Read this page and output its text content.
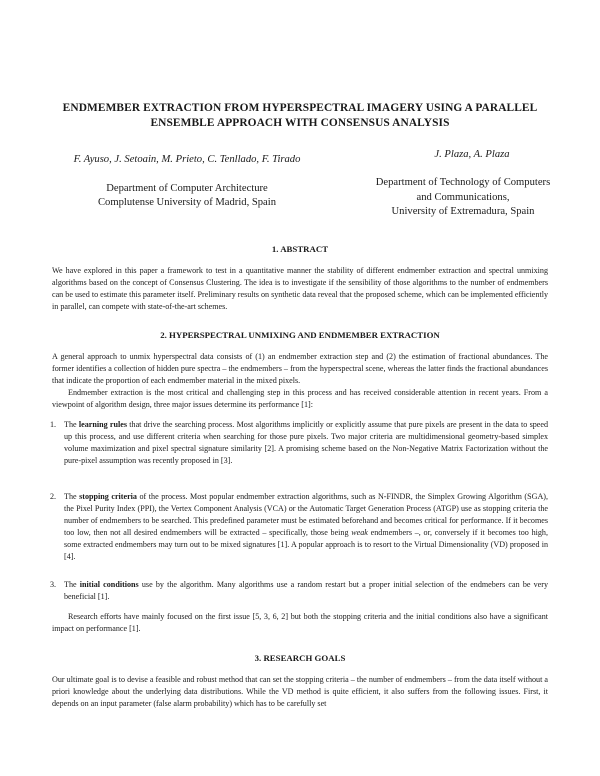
ENDMEMBER EXTRACTION FROM HYPERSPECTRAL IMAGERY USING A PARALLEL ENSEMBLE APPROACH WITH CONSENSUS ANALYSIS
F. Ayuso, J. Setoain, M. Prieto, C. Tenllado, F. Tirado	J. Plaza, A. Plaza
Department of Computer Architecture
Complutense University of Madrid, Spain
Department of Technology of Computers
and Communications,
University of Extremadura, Spain
1. ABSTRACT

We have explored in this paper a framework to test in a quantitative manner the stability of different endmember extraction and spectral unmixing algorithms based on the concept of Consensus Clustering. The idea is to investigate if the sensibility of those algorithms to the number of endmembers can be used to estimate this parameter itself. Preliminary results on synthetic data reveal that the proposed scheme, which can be implemented efficiently in parallel, can compete with state-of-the-art schemes.

2. HYPERSPECTRAL UNMIXING AND ENDMEMBER EXTRACTION

A general approach to unmix hyperspectral data consists of (1) an endmember extraction step and (2) the estimation of fractional abundances. The former identifies a collection of hidden pure spectra – the endmembers – from the hyperspectral scene, whereas the latter finds the fractional abundances that indicate the proportion of each endmember material in the mixed pixels.

Endmember extraction is the most critical and challenging step in this process and has received considerable attention in recent years. From a viewpoint of algorithm design, three major issues determine its performance [1]:

1. The learning rules that drive the searching process. Most algorithms implicitly or explicitly assume that pure pixels are present in the data to speed up this process, and use different criteria when searching for those pure pixels. Two major criteria are multidimensional geometry-based simplex volume maximization and pixel spectral signature similarity [2]. A promising scheme based on the Non-Negative Matrix Factorization without the pure-pixel assumption was recently proposed in [3].
2. The stopping criteria of the process. Most popular endmember extraction algorithms, such as N-FINDR, the Simplex Growing Algorithm (SGA), the Pixel Purity Index (PPI), the Vertex Component Analysis (VCA) or the Automatic Target Generation Process (ATGP) use as stopping criteria the number of endmembers to be searched. This predefined parameter must be estimated beforehand and becomes critical for performance. If it becomes too low, then not all desired endmembers will be extracted – specifically, those being weak endmembers –, or, conversely if it becomes too high, some extracted endmembers may turn out to be mixed signatures [1]. A popular approach is to resort to the Virtual Dimensionality (VD) proposed in [4].
3. The initial conditions use by the algorithm. Many algorithms use a random restart but a proper initial selection of the endmebers can be very beneficial [1].

Research efforts have mainly focused on the first issue [5, 3, 6, 2] but both the stopping criteria and the initial conditions also have a significant impact on performance [1].

3. RESEARCH GOALS

Our ultimate goal is to devise a feasible and robust method that can set the stopping criteria – the number of endmembers – from the data itself without a priori knowledge about the underlying data distributions. While the VD method is quite efficient, it also suffers from the following issues. First, it depends on an input parameter (false alarm probability) which has to be carefully set
